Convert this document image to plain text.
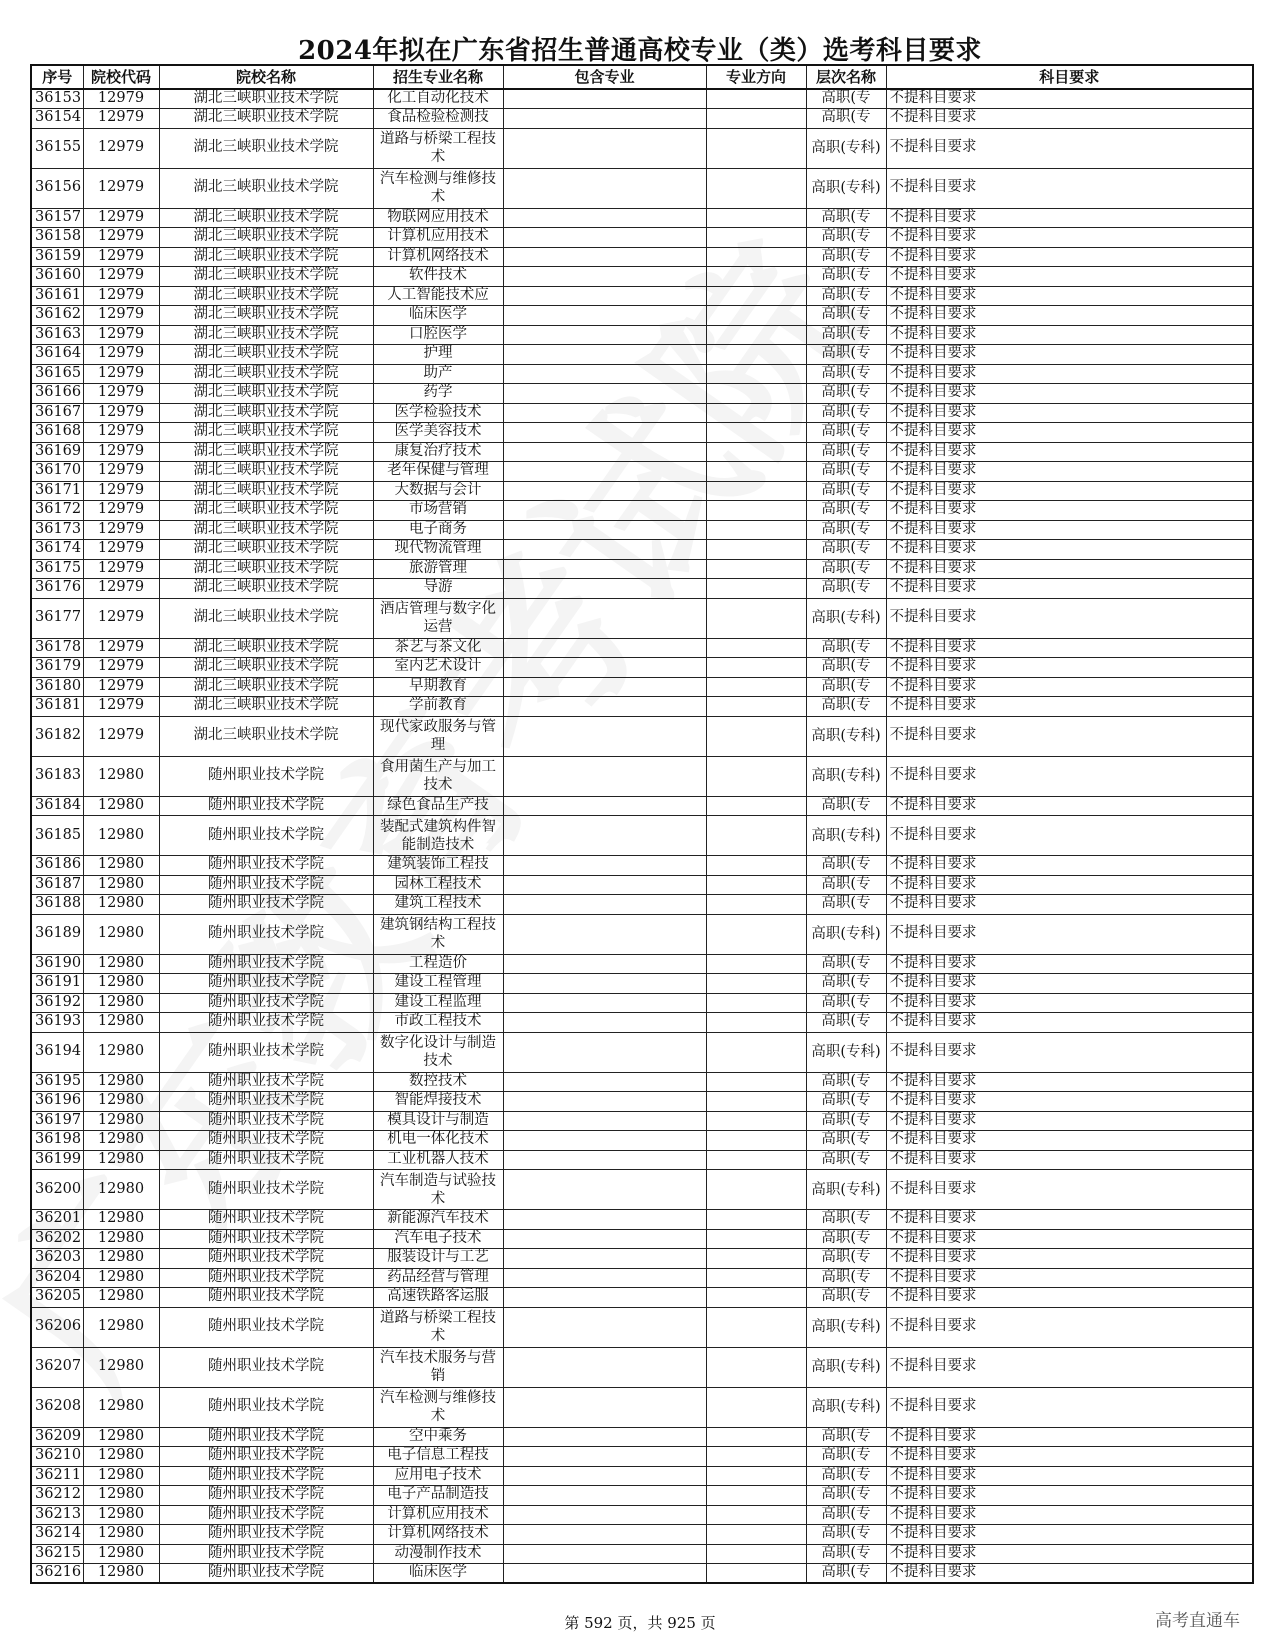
2024年拟在广东省招生普通高校专业（类）选考科目要求
序号	院校代码	院校名称	招生专业名称	包含专业	专业方向	层次名称	科目要求
36153	12979	湖北三峡职业技术学院	化工自动化技术			高职(专	不提科目要求
36154	12979	湖北三峡职业技术学院	食品检验检测技			高职(专	不提科目要求
36155	12979	湖北三峡职业技术学院	道路与桥梁工程技术			高职(专科)	不提科目要求
36156	12979	湖北三峡职业技术学院	汽车检测与维修技术			高职(专科)	不提科目要求
36157	12979	湖北三峡职业技术学院	物联网应用技术			高职(专	不提科目要求
36158	12979	湖北三峡职业技术学院	计算机应用技术			高职(专	不提科目要求
36159	12979	湖北三峡职业技术学院	计算机网络技术			高职(专	不提科目要求
36160	12979	湖北三峡职业技术学院	软件技术			高职(专	不提科目要求
36161	12979	湖北三峡职业技术学院	人工智能技术应			高职(专	不提科目要求
36162	12979	湖北三峡职业技术学院	临床医学			高职(专	不提科目要求
36163	12979	湖北三峡职业技术学院	口腔医学			高职(专	不提科目要求
36164	12979	湖北三峡职业技术学院	护理			高职(专	不提科目要求
36165	12979	湖北三峡职业技术学院	助产			高职(专	不提科目要求
36166	12979	湖北三峡职业技术学院	药学			高职(专	不提科目要求
36167	12979	湖北三峡职业技术学院	医学检验技术			高职(专	不提科目要求
36168	12979	湖北三峡职业技术学院	医学美容技术			高职(专	不提科目要求
36169	12979	湖北三峡职业技术学院	康复治疗技术			高职(专	不提科目要求
36170	12979	湖北三峡职业技术学院	老年保健与管理			高职(专	不提科目要求
36171	12979	湖北三峡职业技术学院	大数据与会计			高职(专	不提科目要求
36172	12979	湖北三峡职业技术学院	市场营销			高职(专	不提科目要求
36173	12979	湖北三峡职业技术学院	电子商务			高职(专	不提科目要求
36174	12979	湖北三峡职业技术学院	现代物流管理			高职(专	不提科目要求
36175	12979	湖北三峡职业技术学院	旅游管理			高职(专	不提科目要求
36176	12979	湖北三峡职业技术学院	导游			高职(专	不提科目要求
36177	12979	湖北三峡职业技术学院	酒店管理与数字化运营			高职(专科)	不提科目要求
36178	12979	湖北三峡职业技术学院	茶艺与茶文化			高职(专	不提科目要求
36179	12979	湖北三峡职业技术学院	室内艺术设计			高职(专	不提科目要求
36180	12979	湖北三峡职业技术学院	早期教育			高职(专	不提科目要求
36181	12979	湖北三峡职业技术学院	学前教育			高职(专	不提科目要求
36182	12979	湖北三峡职业技术学院	现代家政服务与管理			高职(专科)	不提科目要求
36183	12980	随州职业技术学院	食用菌生产与加工技术			高职(专科)	不提科目要求
36184	12980	随州职业技术学院	绿色食品生产技			高职(专	不提科目要求
36185	12980	随州职业技术学院	装配式建筑构件智能制造技术			高职(专科)	不提科目要求
36186	12980	随州职业技术学院	建筑装饰工程技			高职(专	不提科目要求
36187	12980	随州职业技术学院	园林工程技术			高职(专	不提科目要求
36188	12980	随州职业技术学院	建筑工程技术			高职(专	不提科目要求
36189	12980	随州职业技术学院	建筑钢结构工程技术			高职(专科)	不提科目要求
36190	12980	随州职业技术学院	工程造价			高职(专	不提科目要求
36191	12980	随州职业技术学院	建设工程管理			高职(专	不提科目要求
36192	12980	随州职业技术学院	建设工程监理			高职(专	不提科目要求
36193	12980	随州职业技术学院	市政工程技术			高职(专	不提科目要求
36194	12980	随州职业技术学院	数字化设计与制造技术			高职(专科)	不提科目要求
36195	12980	随州职业技术学院	数控技术			高职(专	不提科目要求
36196	12980	随州职业技术学院	智能焊接技术			高职(专	不提科目要求
36197	12980	随州职业技术学院	模具设计与制造			高职(专	不提科目要求
36198	12980	随州职业技术学院	机电一体化技术			高职(专	不提科目要求
36199	12980	随州职业技术学院	工业机器人技术			高职(专	不提科目要求
36200	12980	随州职业技术学院	汽车制造与试验技术			高职(专科)	不提科目要求
36201	12980	随州职业技术学院	新能源汽车技术			高职(专	不提科目要求
36202	12980	随州职业技术学院	汽车电子技术			高职(专	不提科目要求
36203	12980	随州职业技术学院	服装设计与工艺			高职(专	不提科目要求
36204	12980	随州职业技术学院	药品经营与管理			高职(专	不提科目要求
36205	12980	随州职业技术学院	高速铁路客运服			高职(专	不提科目要求
36206	12980	随州职业技术学院	道路与桥梁工程技术			高职(专科)	不提科目要求
36207	12980	随州职业技术学院	汽车技术服务与营销			高职(专科)	不提科目要求
36208	12980	随州职业技术学院	汽车检测与维修技术			高职(专科)	不提科目要求
36209	12980	随州职业技术学院	空中乘务			高职(专	不提科目要求
36210	12980	随州职业技术学院	电子信息工程技			高职(专	不提科目要求
36211	12980	随州职业技术学院	应用电子技术			高职(专	不提科目要求
36212	12980	随州职业技术学院	电子产品制造技			高职(专	不提科目要求
36213	12980	随州职业技术学院	计算机应用技术			高职(专	不提科目要求
36214	12980	随州职业技术学院	计算机网络技术			高职(专	不提科目要求
36215	12980	随州职业技术学院	动漫制作技术			高职(专	不提科目要求
36216	12980	随州职业技术学院	临床医学			高职(专	不提科目要求
第 592 页，共 925 页	高考直通车
